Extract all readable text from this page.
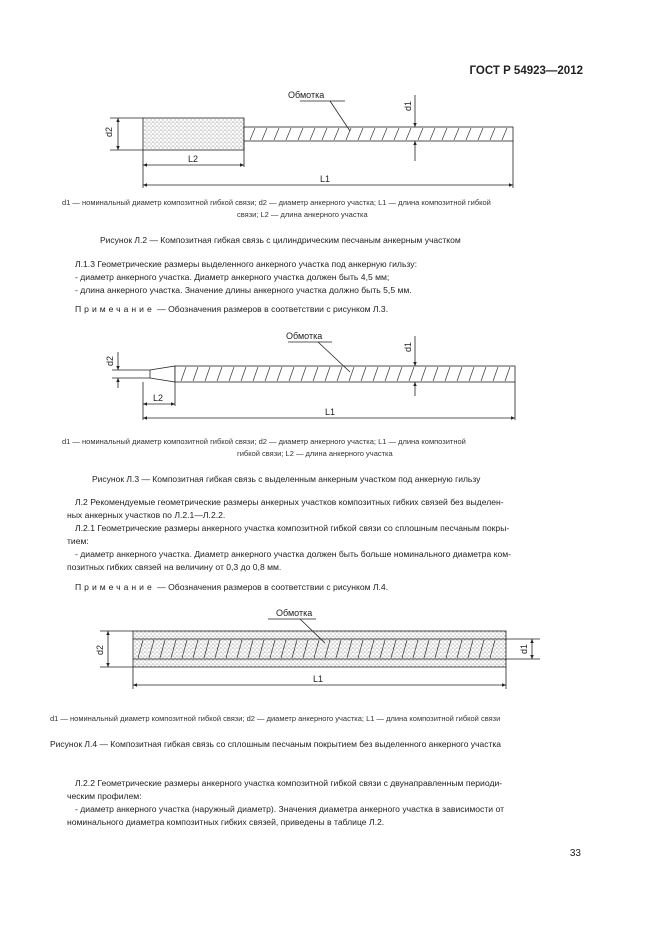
ГОСТ Р 54923—2012
Обмотка
d2
d1
L2
L1
d1 — номинальный диаметр композитной гибкой связи; d2 — диаметр анкерного участка; L1 — длина композитной гибкой
связи; L2 — длина анкерного участка
Рисунок Л.2 — Композитная гибкая связь с цилиндрическим песчаным анкерным участком

Л.1.3 Геометрические размеры выделенного анкерного участка под анкерную гильзу:

- диаметр анкерного участка. Диаметр анкерного участка должен быть 4,5 мм;

- длина анкерного участка. Значение длины анкерного участка должно быть 5,5 мм.

Примечание — Обозначения размеров в соответствии с рисунком Л.3.

Обмотка
d2
d1
L2
L1
d1 — номинальный диаметр композитной гибкой связи; d2 — диаметр анкерного участка; L1 — длина композитной
гибкой связи; L2 — длина анкерного участка
Рисунок Л.3 — Композитная гибкая связь с выделенным анкерным участком под анкерную гильзу

Л.2 Рекомендуемые геометрические размеры анкерных участков композитных гибких связей без выделен-

ных анкерных участков по Л.2.1—Л.2.2.

Л.2.1 Геометрические размеры анкерного участка композитной гибкой связи со сплошным песчаным покры-

тием:

- диаметр анкерного участка. Диаметр анкерного участка должен быть больше номинального диаметра ком-

позитных гибких связей на величину от 0,3 до 0,8 мм.

Примечание — Обозначения размеров в соответствии с рисунком Л.4.

Обмотка
d2	d1
L1
d1 — номинальный диаметр композитной гибкой связи; d2 — диаметр анкерного участка; L1 — длина композитной гибкой связи
Рисунок Л.4 — Композитная гибкая связь со сплошным песчаным покрытием без выделенного анкерного участка

Л.2.2 Геометрические размеры анкерного участка композитной гибкой связи с двунаправленным периоди-

ческим профилем:

- диаметр анкерного участка (наружный диаметр). Значения диаметра анкерного участка в зависимости от

номинального диаметра композитных гибких связей, приведены в таблице Л.2.

33
